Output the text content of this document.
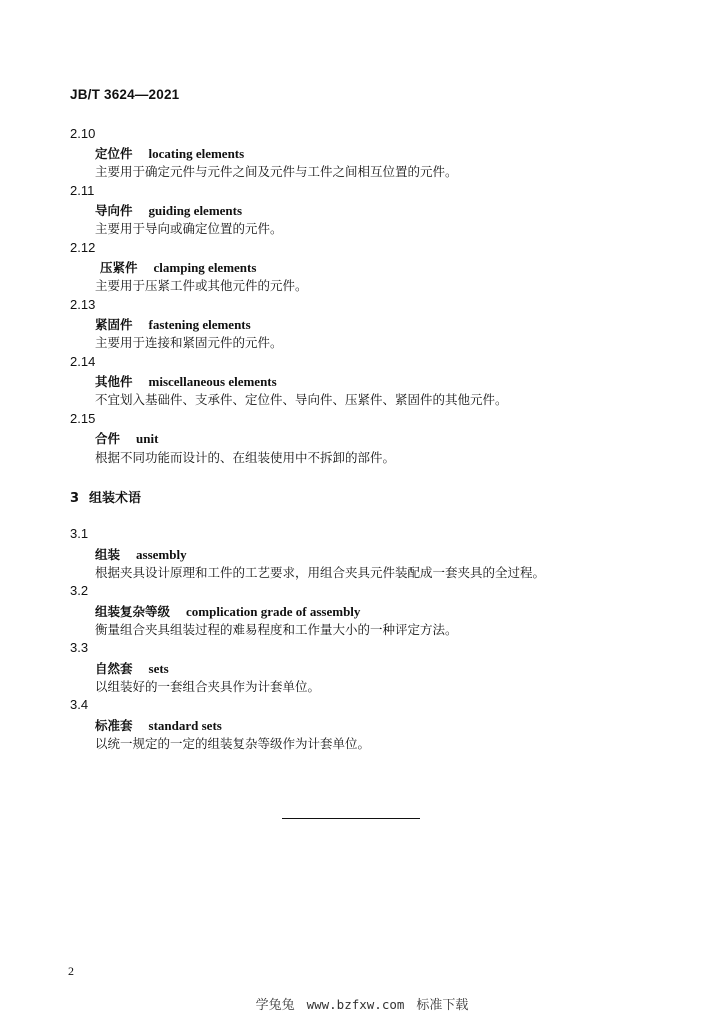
JB/T 3624—2021
2.10
定位件 locating elements
主要用于确定元件与元件之间及元件与工件之间相互位置的元件。
2.11
导向件 guiding elements
主要用于导向或确定位置的元件。
2.12
压紧件 clamping elements
主要用于压紧工件或其他元件的元件。
2.13
紧固件 fastening elements
主要用于连接和紧固元件的元件。
2.14
其他件 miscellaneous elements
不宜划入基础件、支承件、定位件、导向件、压紧件、紧固件的其他元件。
2.15
合件 unit
根据不同功能而设计的、在组装使用中不拆卸的部件。
3 组装术语
3.1
组装 assembly
根据夹具设计原理和工件的工艺要求，用组合夹具元件装配成一套夹具的全过程。
3.2
组装复杂等级 complication grade of assembly
衡量组合夹具组装过程的难易程度和工作量大小的一种评定方法。
3.3
自然套 sets
以组装好的一套组合夹具作为计套单位。
3.4
标准套 standard sets
以统一规定的一定的组装复杂等级作为计套单位。
2
学兔兔 www.bzfxw.com 标准下载
